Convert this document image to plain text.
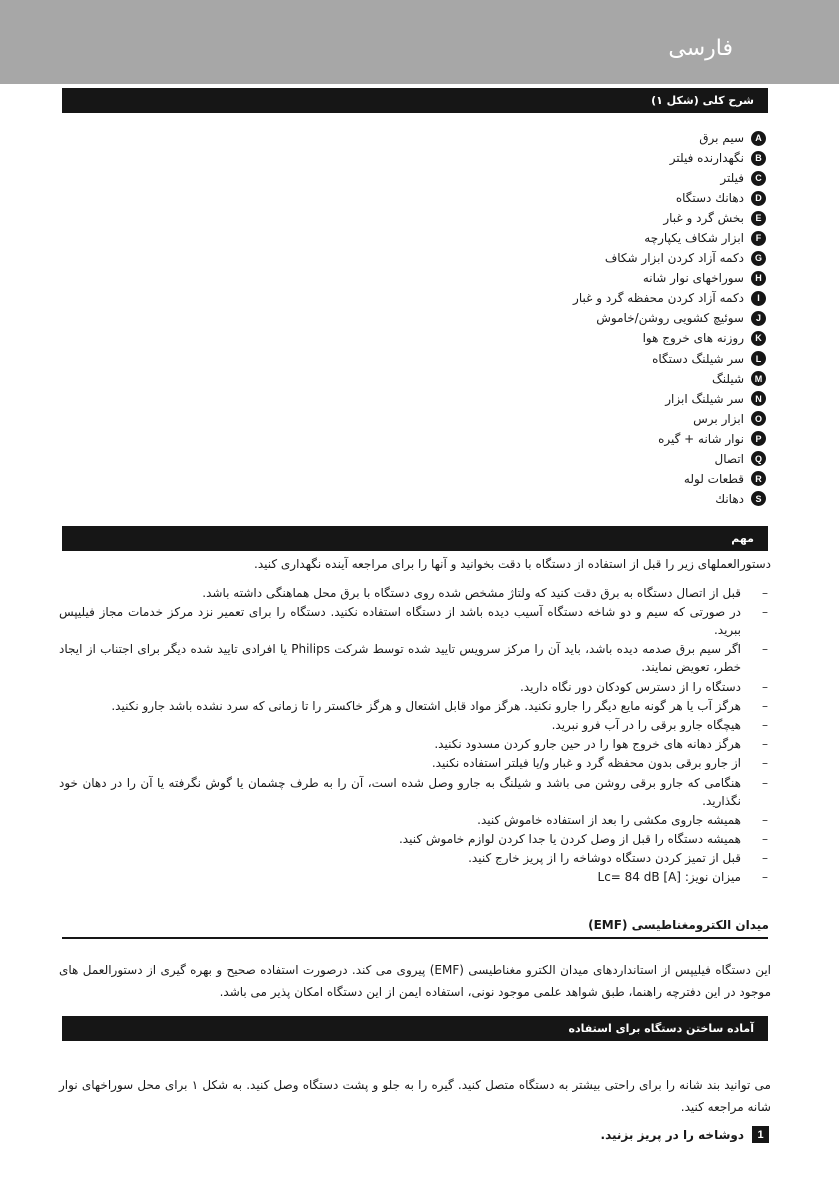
فارسی
شرح کلی (شکل ۱)
A
سیم برق
B
نگهدارنده فیلتر
C
فیلتر
D
دهانك دستگاه
E
بخش گرد و غبار
F
ابزار شکاف یکپارچه
G
دکمه آزاد کردن ابزار شکاف
H
سوراخهای نوار شانه
I
دکمه آزاد کردن محفظه گرد و غبار
J
سوئیچ کشویی روشن/خاموش
K
روزنه های خروج هوا
L
سر شیلنگ دستگاه
M
شیلنگ
N
سر شیلنگ ابزار
O
ابزار برس
P
نوار شانه + گیره
Q
اتصال
R
قطعات لوله
S
دهانك
مهم

دستورالعملهای زیر را قبل از استفاده از دستگاه با دقت بخوانید و آنها را برای مراجعه آینده نگهداری کنید.

–
قبل از اتصال دستگاه به برق دقت کنید که ولتاژ مشخص شده روی دستگاه با برق محل هماهنگی داشته باشد.
–
در صورتی که سیم و دو شاخه دستگاه آسیب دیده باشد از دستگاه استفاده نکنید. دستگاه را برای تعمیر نزد مرکز خدمات مجاز فیلیپس ببرید.
–
اگر سیم برق صدمه دیده باشد، باید آن را مرکز سرویس تایید شده توسط شرکت Philips یا افرادی تایید شده دیگر برای اجتناب از ایجاد خطر، تعویض نمایند.
–
دستگاه را از دسترس کودکان دور نگاه دارید.
–
هرگز آب یا هر گونه مایع دیگر را جارو نکنید. هرگز مواد قابل اشتعال و هرگز خاکستر را تا زمانی که سرد نشده باشد جارو نکنید.
–
هیچگاه جارو برقی را در آب فرو نبرید.
–
هرگز دهانه های خروج هوا را در حین جارو کردن مسدود نکنید.
–
از جارو برقی بدون محفظه گرد و غبار و/یا فیلتر استفاده نکنید.
–
هنگامی که جارو برقی روشن می باشد و شیلنگ به جارو وصل شده است، آن را به طرف چشمان یا گوش نگرفته یا آن را در دهان خود نگذارید.
–
همیشه جاروی مکشی را بعد از استفاده خاموش کنید.
–
همیشه دستگاه را قبل از وصل کردن یا جدا کردن لوازم خاموش کنید.
–
قبل از تمیز کردن دستگاه دوشاخه را از پریز خارج کنید.
–
میزان نویز: Lc= 84 dB [A]
میدان الکترومغناطیسی (EMF)

این دستگاه فیلیپس از استانداردهای میدان الکترو مغناطیسی (EMF) پیروی می کند. درصورت استفاده صحیح و بهره گیری از دستورالعمل های موجود در این دفترچه راهنما، طبق شواهد علمی موجود نونی، استفاده ایمن از این دستگاه امکان پذیر می باشد.

آماده ساختن دستگاه برای استفاده

می توانید بند شانه را برای راحتی بیشتر به دستگاه متصل کنید. گیره را به جلو و پشت دستگاه وصل کنید. به شکل ۱ برای محل سوراخهای نوار شانه مراجعه کنید.

1
دوشاخه را در پریز بزنید.
